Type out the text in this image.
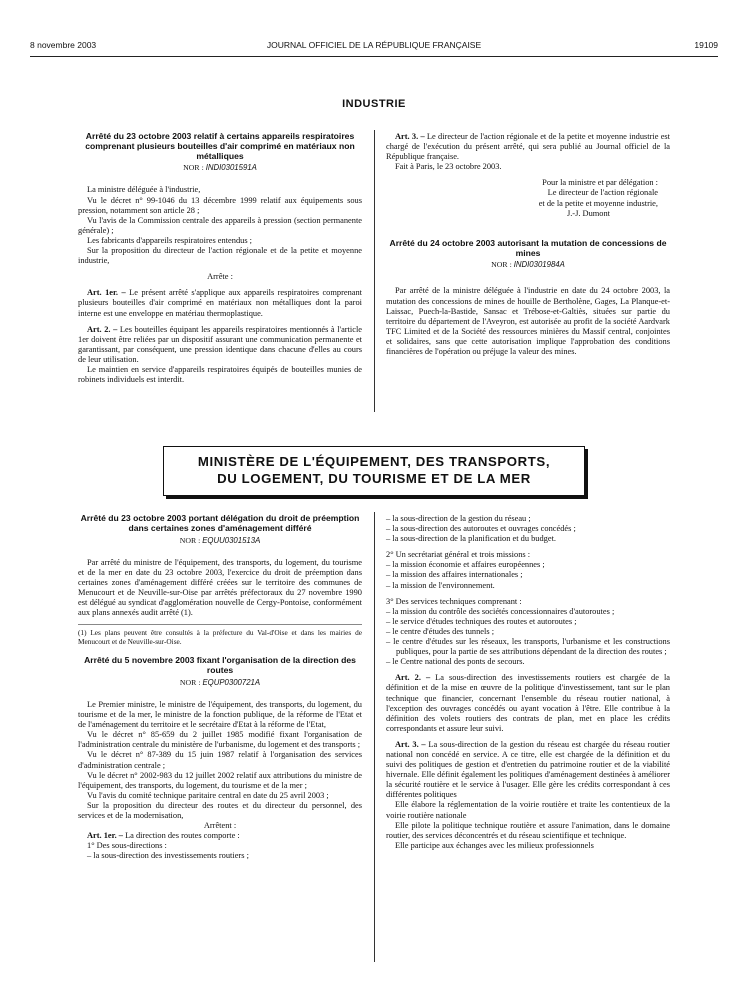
8 novembre 2003	JOURNAL OFFICIEL DE LA RÉPUBLIQUE FRANÇAISE	19109
INDUSTRIE

Arrêté du 23 octobre 2003 relatif à certains appareils respiratoires comprenant plusieurs bouteilles d'air comprimé en matériaux non métalliques

NOR : INDI0301591A

La ministre déléguée à l'industrie,

Vu le décret n° 99-1046 du 13 décembre 1999 relatif aux équipements sous pression, notamment son article 28 ;

Vu l'avis de la Commission centrale des appareils à pression (section permanente générale) ;

Les fabricants d'appareils respiratoires entendus ;

Sur la proposition du directeur de l'action régionale et de la petite et moyenne industrie,

Arrête :

Art. 1er. – Le présent arrêté s'applique aux appareils respiratoires comprenant plusieurs bouteilles d'air comprimé en matériaux non métalliques dont la paroi interne est une enveloppe en matériau thermoplastique.

Art. 2. – Les bouteilles équipant les appareils respiratoires mentionnés à l'article 1er doivent être reliées par un dispositif assurant une communication permanente et garantissant, par conséquent, une pression identique dans chacune d'elles au cours de leur utilisation.

Le maintien en service d'appareils respiratoires équipés de bouteilles munies de robinets individuels est interdit.

Art. 3. – Le directeur de l'action régionale et de la petite et moyenne industrie est chargé de l'exécution du présent arrêté, qui sera publié au Journal officiel de la République française.

Fait à Paris, le 23 octobre 2003.

Pour la ministre et par délégation :

Le directeur de l'action régionale

et de la petite et moyenne industrie,

J.-J. Dumont

Arrêté du 24 octobre 2003 autorisant la mutation de concessions de mines

NOR : INDI0301984A

Par arrêté de la ministre déléguée à l'industrie en date du 24 octobre 2003, la mutation des concessions de mines de houille de Bertholène, Gages, La Planque-et-Laissac, Puech-la-Bastide, Sansac et Trébose-et-Galtiès, situées sur partie du territoire du département de l'Aveyron, est autorisée au profit de la société Aardvark TFC Limited et de la Société des ressources minières du Massif central, conjointes et solidaires, sans que cette autorisation implique l'approbation des conditions financières de l'opération ou préjuge la valeur des mines.

MINISTÈRE DE L'ÉQUIPEMENT, DES TRANSPORTS,
DU LOGEMENT, DU TOURISME ET DE LA MER

Arrêté du 23 octobre 2003 portant délégation du droit de préemption dans certaines zones d'aménagement différé

NOR : EQUU0301513A

Par arrêté du ministre de l'équipement, des transports, du logement, du tourisme et de la mer en date du 23 octobre 2003, l'exercice du droit de préemption dans certaines zones d'aménagement différé créées sur le territoire des communes de Menucourt et de Neuville-sur-Oise par arrêtés préfectoraux du 27 novembre 1990 est délégué au syndicat d'agglomération nouvelle de Cergy-Pontoise, conformément aux plans annexés audit arrêté (1).

(1) Les plans peuvent être consultés à la préfecture du Val-d'Oise et dans les mairies de Menucourt et de Neuville-sur-Oise.

Arrêté du 5 novembre 2003 fixant l'organisation de la direction des routes

NOR : EQUP0300721A

Le Premier ministre, le ministre de l'équipement, des transports, du logement, du tourisme et de la mer, le ministre de la fonction publique, de la réforme de l'Etat et de l'aménagement du territoire et le secrétaire d'Etat à la réforme de l'Etat,

Vu le décret n° 85-659 du 2 juillet 1985 modifié fixant l'organisation de l'administration centrale du ministère de l'urbanisme, du logement et des transports ;

Vu le décret n° 87-389 du 15 juin 1987 relatif à l'organisation des services d'administration centrale ;

Vu le décret n° 2002-983 du 12 juillet 2002 relatif aux attributions du ministre de l'équipement, des transports, du logement, du tourisme et de la mer ;

Vu l'avis du comité technique paritaire central en date du 25 avril 2003 ;

Sur la proposition du directeur des routes et du directeur du personnel, des services et de la modernisation,

Arrêtent :

Art. 1er. – La direction des routes comporte :

1° Des sous-directions :

– la sous-direction des investissements routiers ;

– la sous-direction de la gestion du réseau ;

– la sous-direction des autoroutes et ouvrages concédés ;

– la sous-direction de la planification et du budget.

2° Un secrétariat général et trois missions :

– la mission économie et affaires européennes ;

– la mission des affaires internationales ;

– la mission de l'environnement.

3° Des services techniques comprenant :

– la mission du contrôle des sociétés concessionnaires d'autoroutes ;

– le service d'études techniques des routes et autoroutes ;

– le centre d'études des tunnels ;

– le centre d'études sur les réseaux, les transports, l'urbanisme et les constructions publiques, pour la partie de ses attributions dépendant de la direction des routes ;

– le Centre national des ponts de secours.

Art. 2. – La sous-direction des investissements routiers est chargée de la définition et de la mise en œuvre de la politique d'investissement, tant sur le plan technique que financier, concernant l'ensemble du réseau routier national, à l'exception des ouvrages concédés ou ayant vocation à l'être. Elle contribue à la définition des volets routiers des contrats de plan, met en place les crédits correspondants et assure leur suivi.

Art. 3. – La sous-direction de la gestion du réseau est chargée du réseau routier national non concédé en service. A ce titre, elle est chargée de la définition et du suivi des politiques de gestion et d'entretien du patrimoine routier et de la viabilité hivernale. Elle définit également les politiques d'aménagement destinées à améliorer la sécurité routière et le service à l'usager. Elle gère les crédits correspondant à ces différentes politiques

Elle élabore la réglementation de la voirie routière et traite les contentieux de la voirie routière nationale

Elle pilote la politique technique routière et assure l'animation, dans le domaine routier, des services déconcentrés et du réseau scientifique et technique.

Elle participe aux échanges avec les milieux professionnels
